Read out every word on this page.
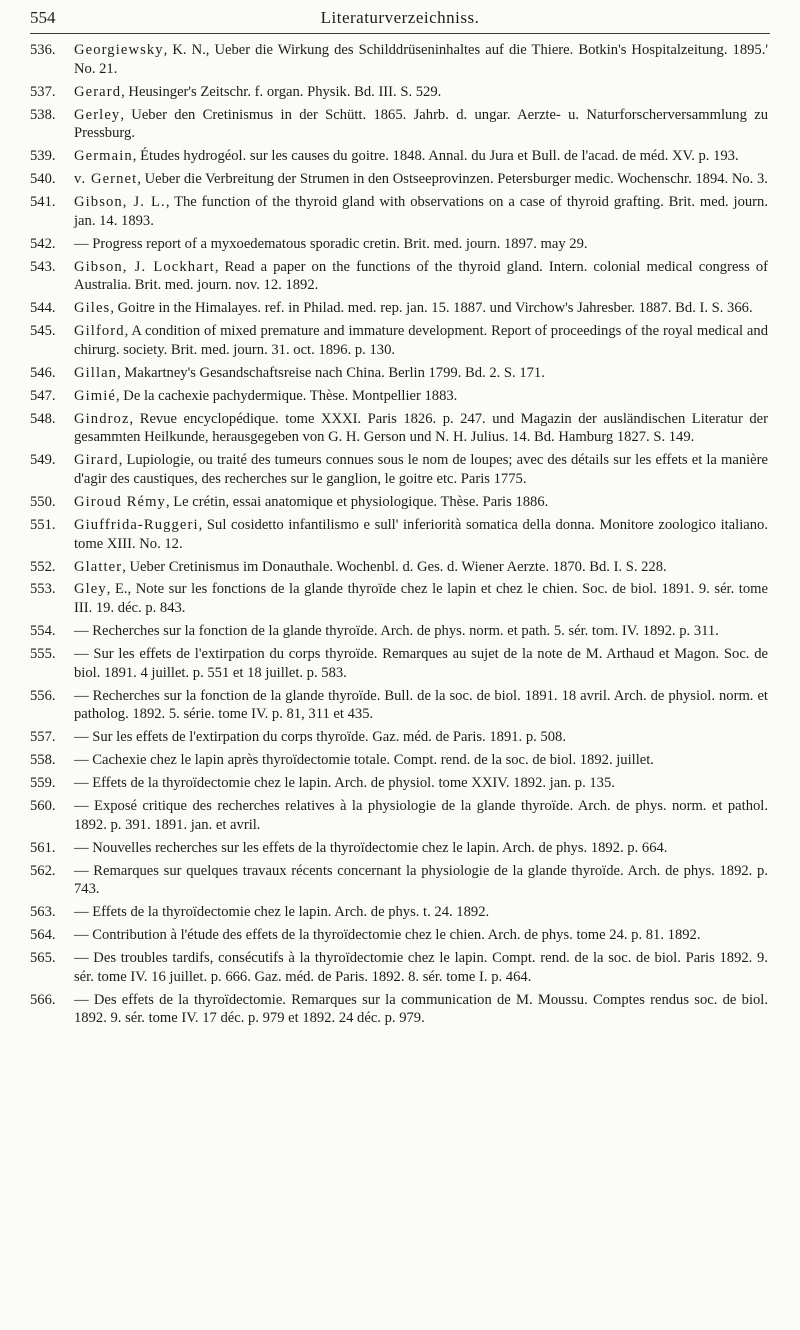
554	Literaturverzeichniss.
536. Georgiewsky, K. N., Ueber die Wirkung des Schilddrüseninhaltes auf die Thiere. Botkin's Hospitalzeitung. 1895.' No. 21.
537. Gerard, Heusinger's Zeitschr. f. organ. Physik. Bd. III. S. 529.
538. Gerley, Ueber den Cretinismus in der Schütt. 1865. Jahrb. d. ungar. Aerzte- u. Naturforscherversammlung zu Pressburg.
539. Germain, Études hydrogéol. sur les causes du goitre. 1848. Annal. du Jura et Bull. de l'acad. de méd. XV. p. 193.
540. v. Gernet, Ueber die Verbreitung der Strumen in den Ostseeprovinzen. Petersburger medic. Wochenschr. 1894. No. 3.
541. Gibson, J. L., The function of the thyroid gland with observations on a case of thyroid grafting. Brit. med. journ. jan. 14. 1893.
542. — Progress report of a myxoedematous sporadic cretin. Brit. med. journ. 1897. may 29.
543. Gibson, J. Lockhart, Read a paper on the functions of the thyroid gland. Intern. colonial medical congress of Australia. Brit. med. journ. nov. 12. 1892.
544. Giles, Goitre in the Himalayes. ref. in Philad. med. rep. jan. 15. 1887. und Virchow's Jahresber. 1887. Bd. I. S. 366.
545. Gilford, A condition of mixed premature and immature development. Report of proceedings of the royal medical and chirurg. society. Brit. med. journ. 31. oct. 1896. p. 130.
546. Gillan, Makartney's Gesandschaftsreise nach China. Berlin 1799. Bd. 2. S. 171.
547. Gimié, De la cachexie pachydermique. Thèse. Montpellier 1883.
548. Gindroz, Revue encyclopédique. tome XXXI. Paris 1826. p. 247. und Magazin der ausländischen Literatur der gesammten Heilkunde, herausgegeben von G. H. Gerson und N. H. Julius. 14. Bd. Hamburg 1827. S. 149.
549. Girard, Lupiologie, ou traité des tumeurs connues sous le nom de loupes; avec des détails sur les effets et la manière d'agir des caustiques, des recherches sur le ganglion, le goitre etc. Paris 1775.
550. Giroud Rémy, Le crétin, essai anatomique et physiologique. Thèse. Paris 1886.
551. Giuffrida-Ruggeri, Sul cosidetto infantilismo e sull' inferiorità somatica della donna. Monitore zoologico italiano. tome XIII. No. 12.
552. Glatter, Ueber Cretinismus im Donauthale. Wochenbl. d. Ges. d. Wiener Aerzte. 1870. Bd. I. S. 228.
553. Gley, E., Note sur les fonctions de la glande thyroïde chez le lapin et chez le chien. Soc. de biol. 1891. 9. sér. tome III. 19. déc. p. 843.
554. — Recherches sur la fonction de la glande thyroïde. Arch. de phys. norm. et path. 5. sér. tom. IV. 1892. p. 311.
555. — Sur les effets de l'extirpation du corps thyroïde. Remarques au sujet de la note de M. Arthaud et Magon. Soc. de biol. 1891. 4 juillet. p. 551 et 18 juillet. p. 583.
556. — Recherches sur la fonction de la glande thyroïde. Bull. de la soc. de biol. 1891. 18 avril. Arch. de physiol. norm. et patholog. 1892. 5. série. tome IV. p. 81, 311 et 435.
557. — Sur les effets de l'extirpation du corps thyroïde. Gaz. méd. de Paris. 1891. p. 508.
558. — Cachexie chez le lapin après thyroïdectomie totale. Compt. rend. de la soc. de biol. 1892. juillet.
559. — Effets de la thyroïdectomie chez le lapin. Arch. de physiol. tome XXIV. 1892. jan. p. 135.
560. — Exposé critique des recherches relatives à la physiologie de la glande thyroïde. Arch. de phys. norm. et pathol. 1892. p. 391. 1891. jan. et avril.
561. — Nouvelles recherches sur les effets de la thyroïdectomie chez le lapin. Arch. de phys. 1892. p. 664.
562. — Remarques sur quelques travaux récents concernant la physiologie de la glande thyroïde. Arch. de phys. 1892. p. 743.
563. — Effets de la thyroïdectomie chez le lapin. Arch. de phys. t. 24. 1892.
564. — Contribution à l'étude des effets de la thyroïdectomie chez le chien. Arch. de phys. tome 24. p. 81. 1892.
565. — Des troubles tardifs, consécutifs à la thyroïdectomie chez le lapin. Compt. rend. de la soc. de biol. Paris 1892. 9. sér. tome IV. 16 juillet. p. 666. Gaz. méd. de Paris. 1892. 8. sér. tome I. p. 464.
566. — Des effets de la thyroïdectomie. Remarques sur la communication de M. Moussu. Comptes rendus soc. de biol. 1892. 9. sér. tome IV. 17 déc. p. 979 et 1892. 24 déc. p. 979.
